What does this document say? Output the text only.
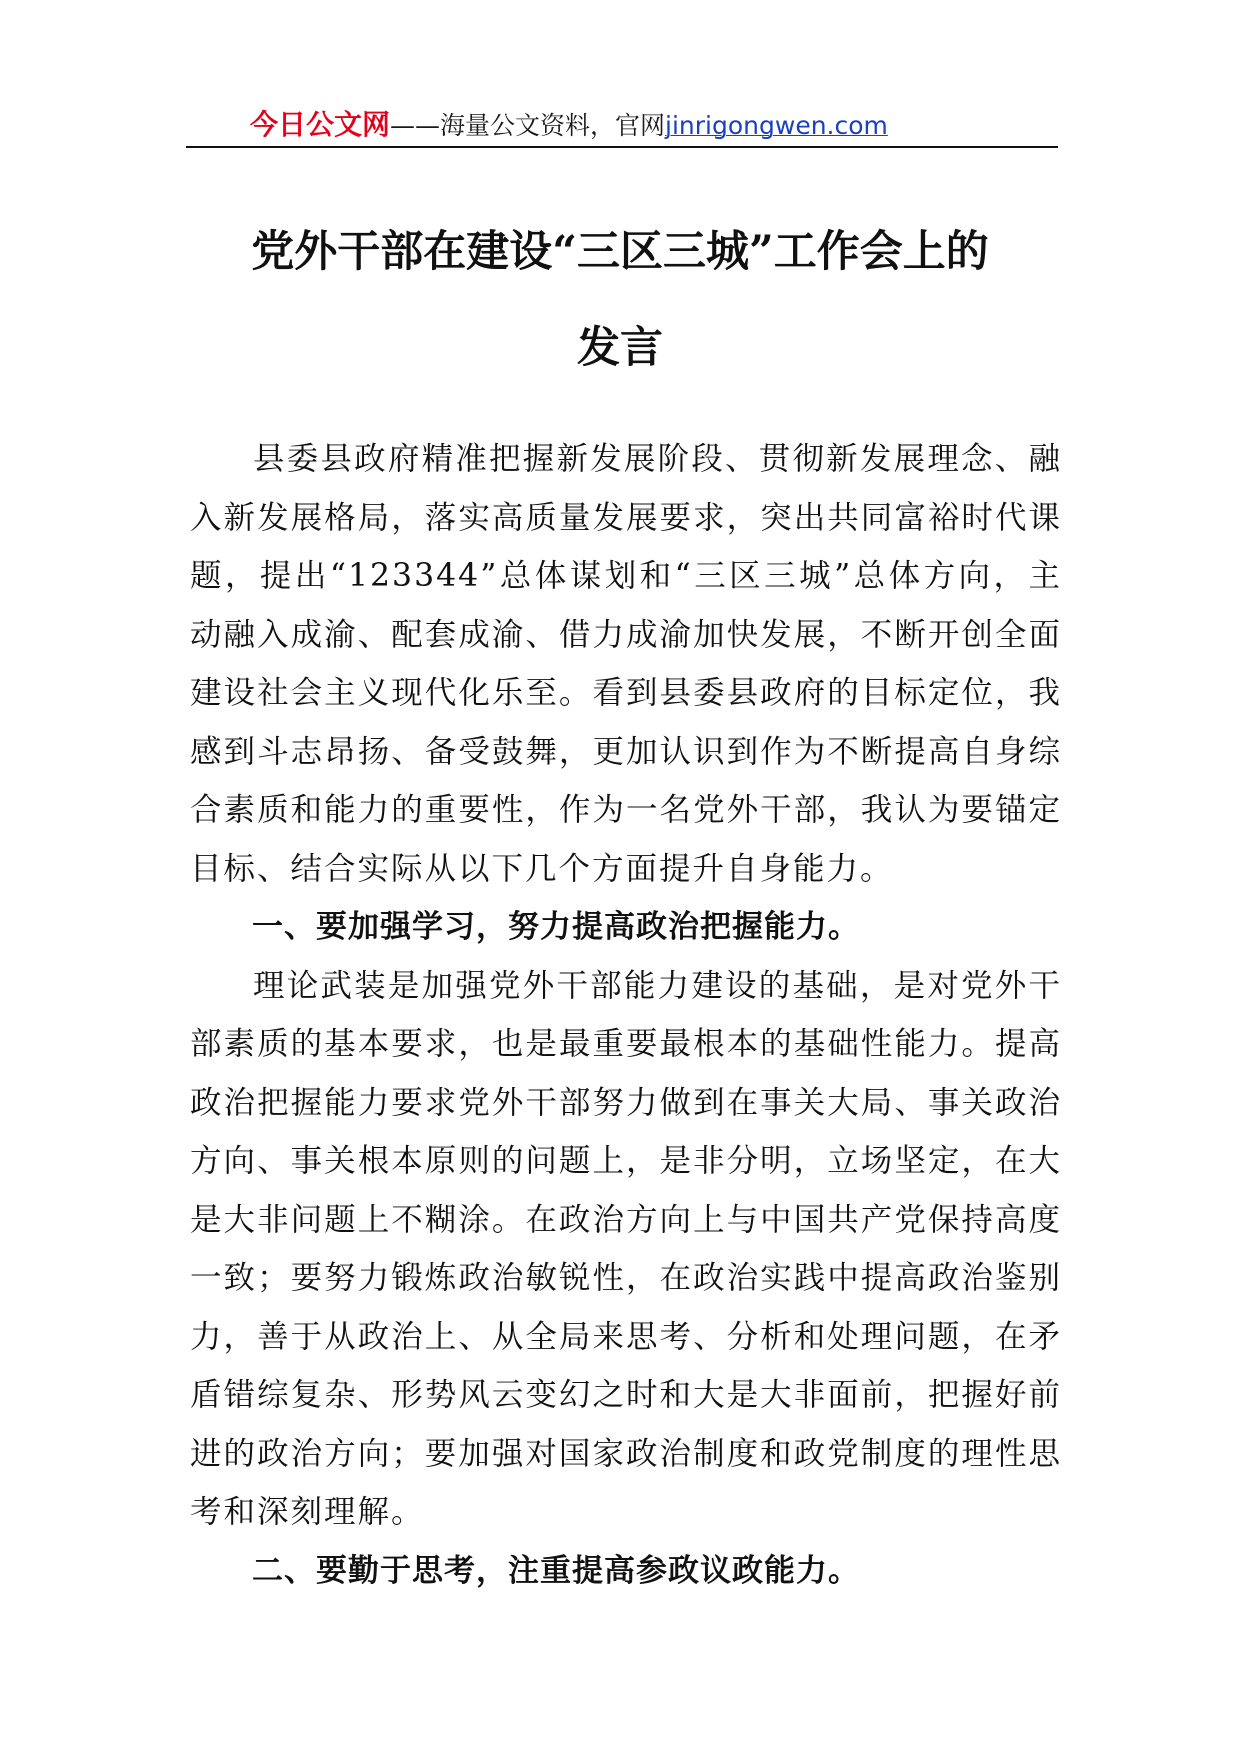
今日公文网——海量公文资料，官网jinrigongwen.com
党外干部在建设“三区三城”工作会上的
发言

县委县政府精准把握新发展阶段、贯彻新发展理念、融入新发展格局，落实高质量发展要求，突出共同富裕时代课题，提出“123344”总体谋划和“三区三城”总体方向，主动融入成渝、配套成渝、借力成渝加快发展，不断开创全面建设社会主义现代化乐至。看到县委县政府的目标定位，我感到斗志昂扬、备受鼓舞，更加认识到作为不断提高自身综合素质和能力的重要性，作为一名党外干部，我认为要锚定目标、结合实际从以下几个方面提升自身能力。

一、要加强学习，努力提高政治把握能力。

理论武装是加强党外干部能力建设的基础，是对党外干部素质的基本要求，也是最重要最根本的基础性能力。提高政治把握能力要求党外干部努力做到在事关大局、事关政治方向、事关根本原则的问题上，是非分明，立场坚定，在大是大非问题上不糊涂。在政治方向上与中国共产党保持高度一致；要努力锻炼政治敏锐性，在政治实践中提高政治鉴别力，善于从政治上、从全局来思考、分析和处理问题，在矛盾错综复杂、形势风云变幻之时和大是大非面前，把握好前进的政治方向；要加强对国家政治制度和政党制度的理性思考和深刻理解。

二、要勤于思考，注重提高参政议政能力。
